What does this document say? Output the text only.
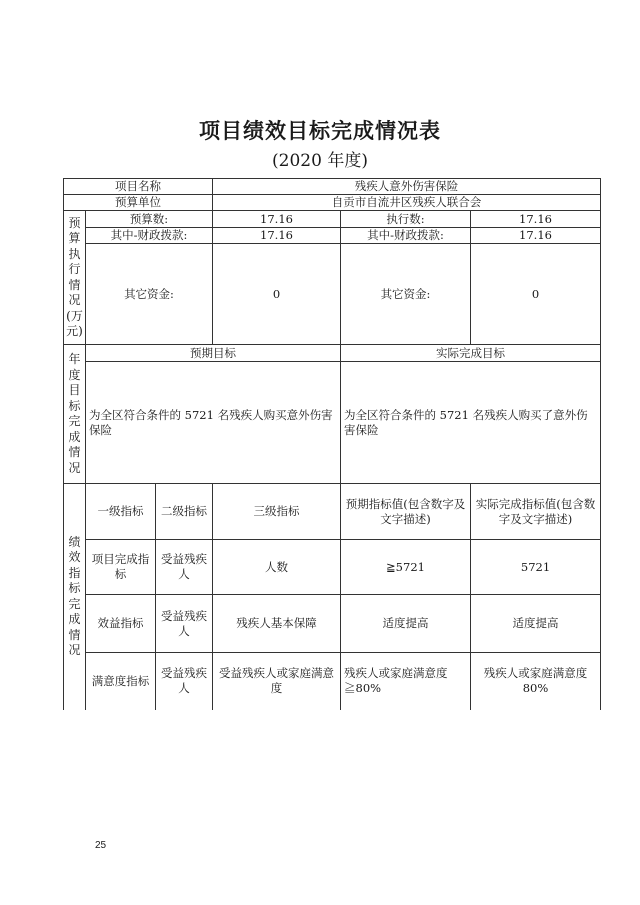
项目绩效目标完成情况表
(2020 年度)
项目名称			残疾人意外伤害保险		
预算单位			自贡市自流井区残疾人联合会		
预算执行情况(万元)	预算数:		17.16	执行数:	17.16
	其中-财政拨款:		17.16	其中-财政拨款:	17.16
	其它资金:		0	其它资金:	0
年度目标完成情况	预期目标			实际完成目标	
	为全区符合条件的 5721 名残疾人购买意外伤害保险			为全区符合条件的 5721 名残疾人购买了意外伤害保险	
绩效指标完成情况	一级指标	二级指标	三级指标	预期指标值(包含数字及文字描述)	实际完成指标值(包含数字及文字描述)
	项目完成指标	受益残疾人	人数	≧5721	5721
	效益指标	受益残疾人	残疾人基本保障	适度提高	适度提高
	满意度指标	受益残疾人	受益残疾人或家庭满意度	残疾人或家庭满意度≧80%	残疾人或家庭满意度80%
25
